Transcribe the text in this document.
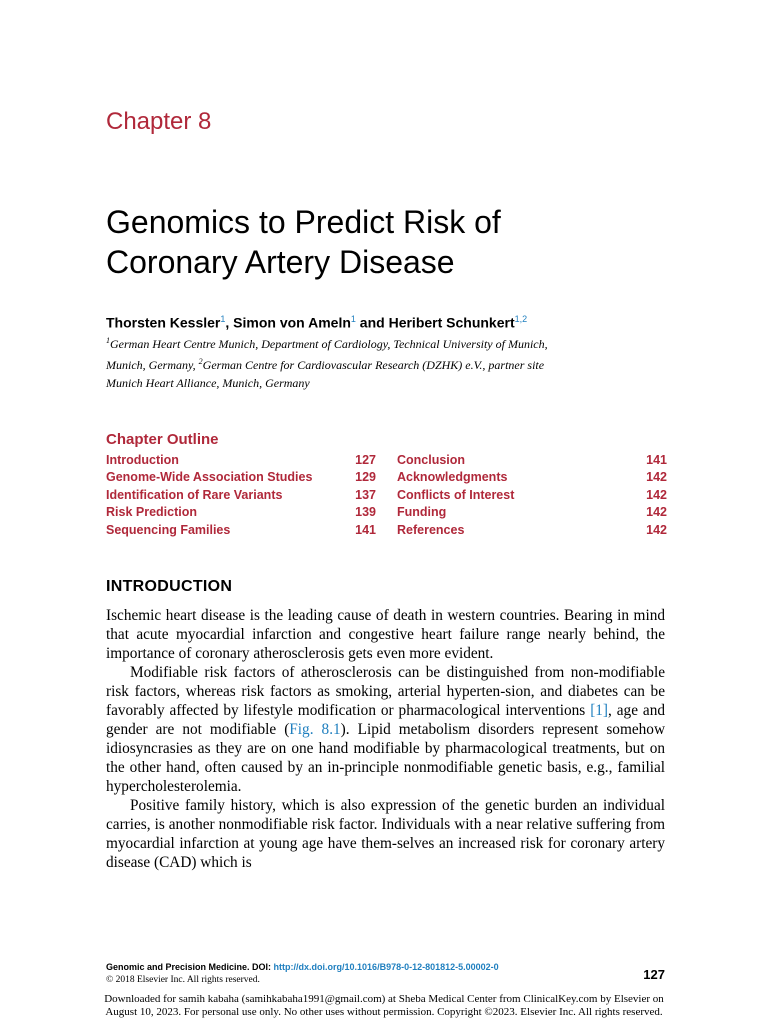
Chapter 8
Genomics to Predict Risk of
Coronary Artery Disease
Thorsten Kessler$^1$, Simon von Ameln$^1$ and Heribert Schunkert$^{1,2}$
$^1$German Heart Centre Munich, Department of Cardiology, Technical University of Munich,
Munich, Germany, $^2$German Centre for Cardiovascular Research (DZHK) e.V., partner site
Munich Heart Alliance, Munich, Germany
Chapter Outline
Introduction	127
Genome-Wide Association Studies	129
Identification of Rare Variants	137
Risk Prediction	139
Sequencing Families	141
Conclusion	141
Acknowledgments	142
Conflicts of Interest	142
Funding	142
References	142
INTRODUCTION

Ischemic heart disease is the leading cause of death in western countries. Bearing in mind that acute myocardial infarction and congestive heart failure range nearly behind, the importance of coronary atherosclerosis gets even more evident.

Modifiable risk factors of atherosclerosis can be distinguished from non-modifiable risk factors, whereas risk factors as smoking, arterial hyperten-sion, and diabetes can be favorably affected by lifestyle modification or pharmacological interventions [1], age and gender are not modifiable (Fig. 8.1). Lipid metabolism disorders represent somehow idiosyncrasies as they are on one hand modifiable by pharmacological treatments, but on the other hand, often caused by an in-principle nonmodifiable genetic basis, e.g., familial hypercholesterolemia.

Positive family history, which is also expression of the genetic burden an individual carries, is another nonmodifiable risk factor. Individuals with a near relative suffering from myocardial infarction at young age have them-selves an increased risk for coronary artery disease (CAD) which is

Genomic and Precision Medicine. DOI: http://dx.doi.org/10.1016/B978-0-12-801812-5.00002-0
© 2018 Elsevier Inc. All rights reserved.	127
Downloaded for samih kabaha (samihkabaha1991@gmail.com) at Sheba Medical Center from ClinicalKey.com by Elsevier on
August 10, 2023. For personal use only. No other uses without permission. Copyright ©2023. Elsevier Inc. All rights reserved.
